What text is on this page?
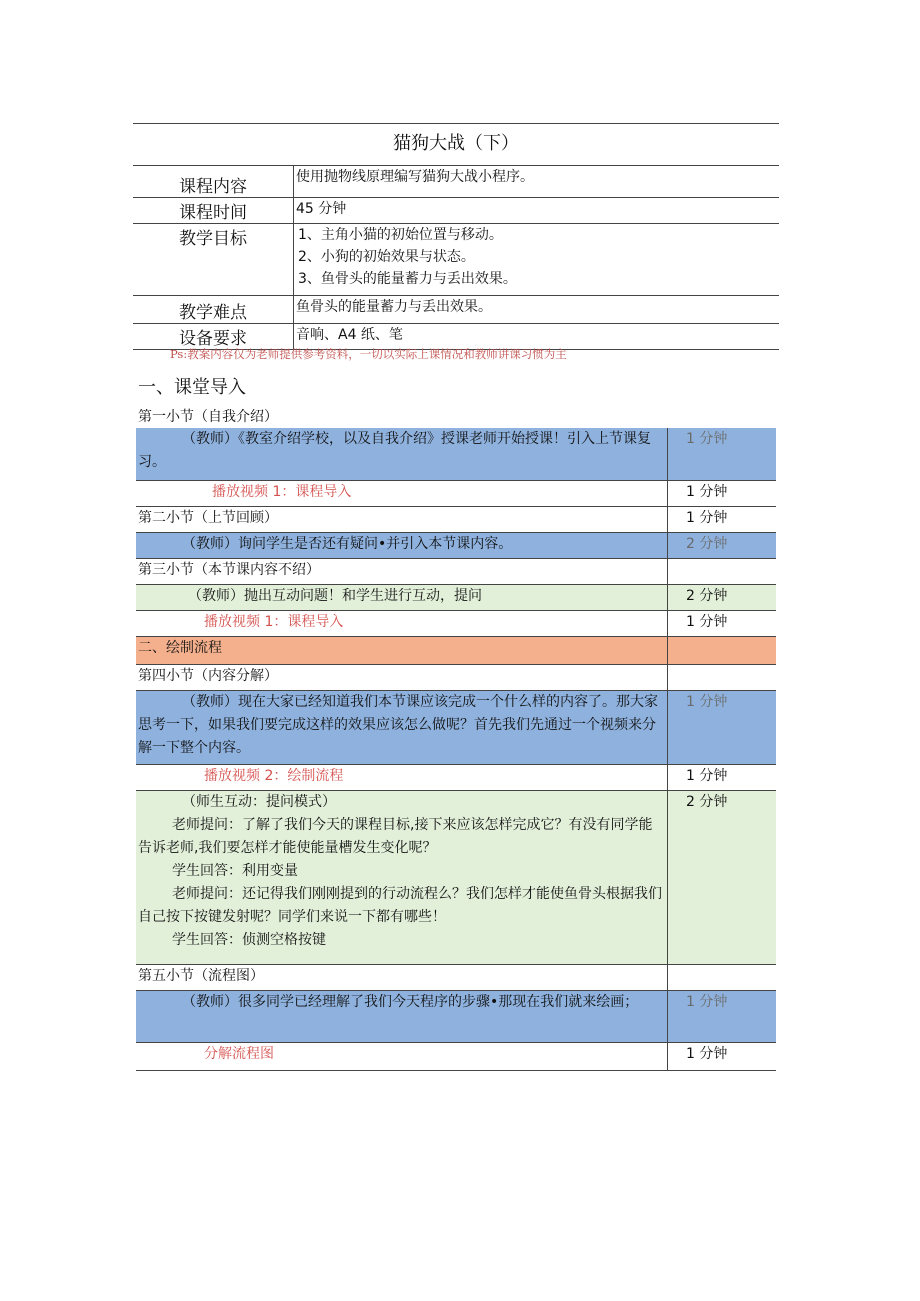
猫狗大战（下）
课程内容	使用抛物线原理编写猫狗大战小程序。
课程时间	45 分钟
教学目标	1、主角小猫的初始位置与移动。
2、小狗的初始效果与状态。
3、鱼骨头的能量蓄力与丢出效果。

教学难点	鱼骨头的能量蓄力与丢出效果。
设备要求	音响、A4 纸、笔
Ps:教案内容仅为老师提供参考资料，一切以实际上课情况和教师讲课习惯为主
一、课堂导入
第一小节（自我介绍）
（教师）《教室介绍学校，以及自我介绍》授课老师开始授课！引入上节课复习。	1 分钟
播放视频 1：课程导入	1 分钟
第二小节（上节回顾）	1 分钟
（教师）询问学生是否还有疑问•并引入本节课内容。	2 分钟
第三小节（本节课内容不绍）	
（教师）抛出互动问题！和学生进行互动，提问	2 分钟
播放视频 1：课程导入	1 分钟
二、绘制流程	
第四小节（内容分解）	
（教师）现在大家已经知道我们本节课应该完成一个什么样的内容了。那大家思考一下，如果我们要完成这样的效果应该怎么做呢？首先我们先通过一个视频来分解一下整个内容。	1 分钟
播放视频 2：绘制流程	1 分钟

（师生互动：提问模式）
老师提问：了解了我们今天的课程目标,接下来应该怎样完成它？有没有同学能告诉老师,我们要怎样才能使能量槽发生变化呢？
学生回答：利用变量
老师提问：还记得我们刚刚提到的行动流程么？我们怎样才能使鱼骨头根据我们自己按下按键发射呢？同学们来说一下都有哪些！
学生回答：侦测空格按键	2 分钟
第五小节（流程图）	
（教师）很多同学已经理解了我们今天程序的步骤•那现在我们就来绘画；	1 分钟
分解流程图	1 分钟
